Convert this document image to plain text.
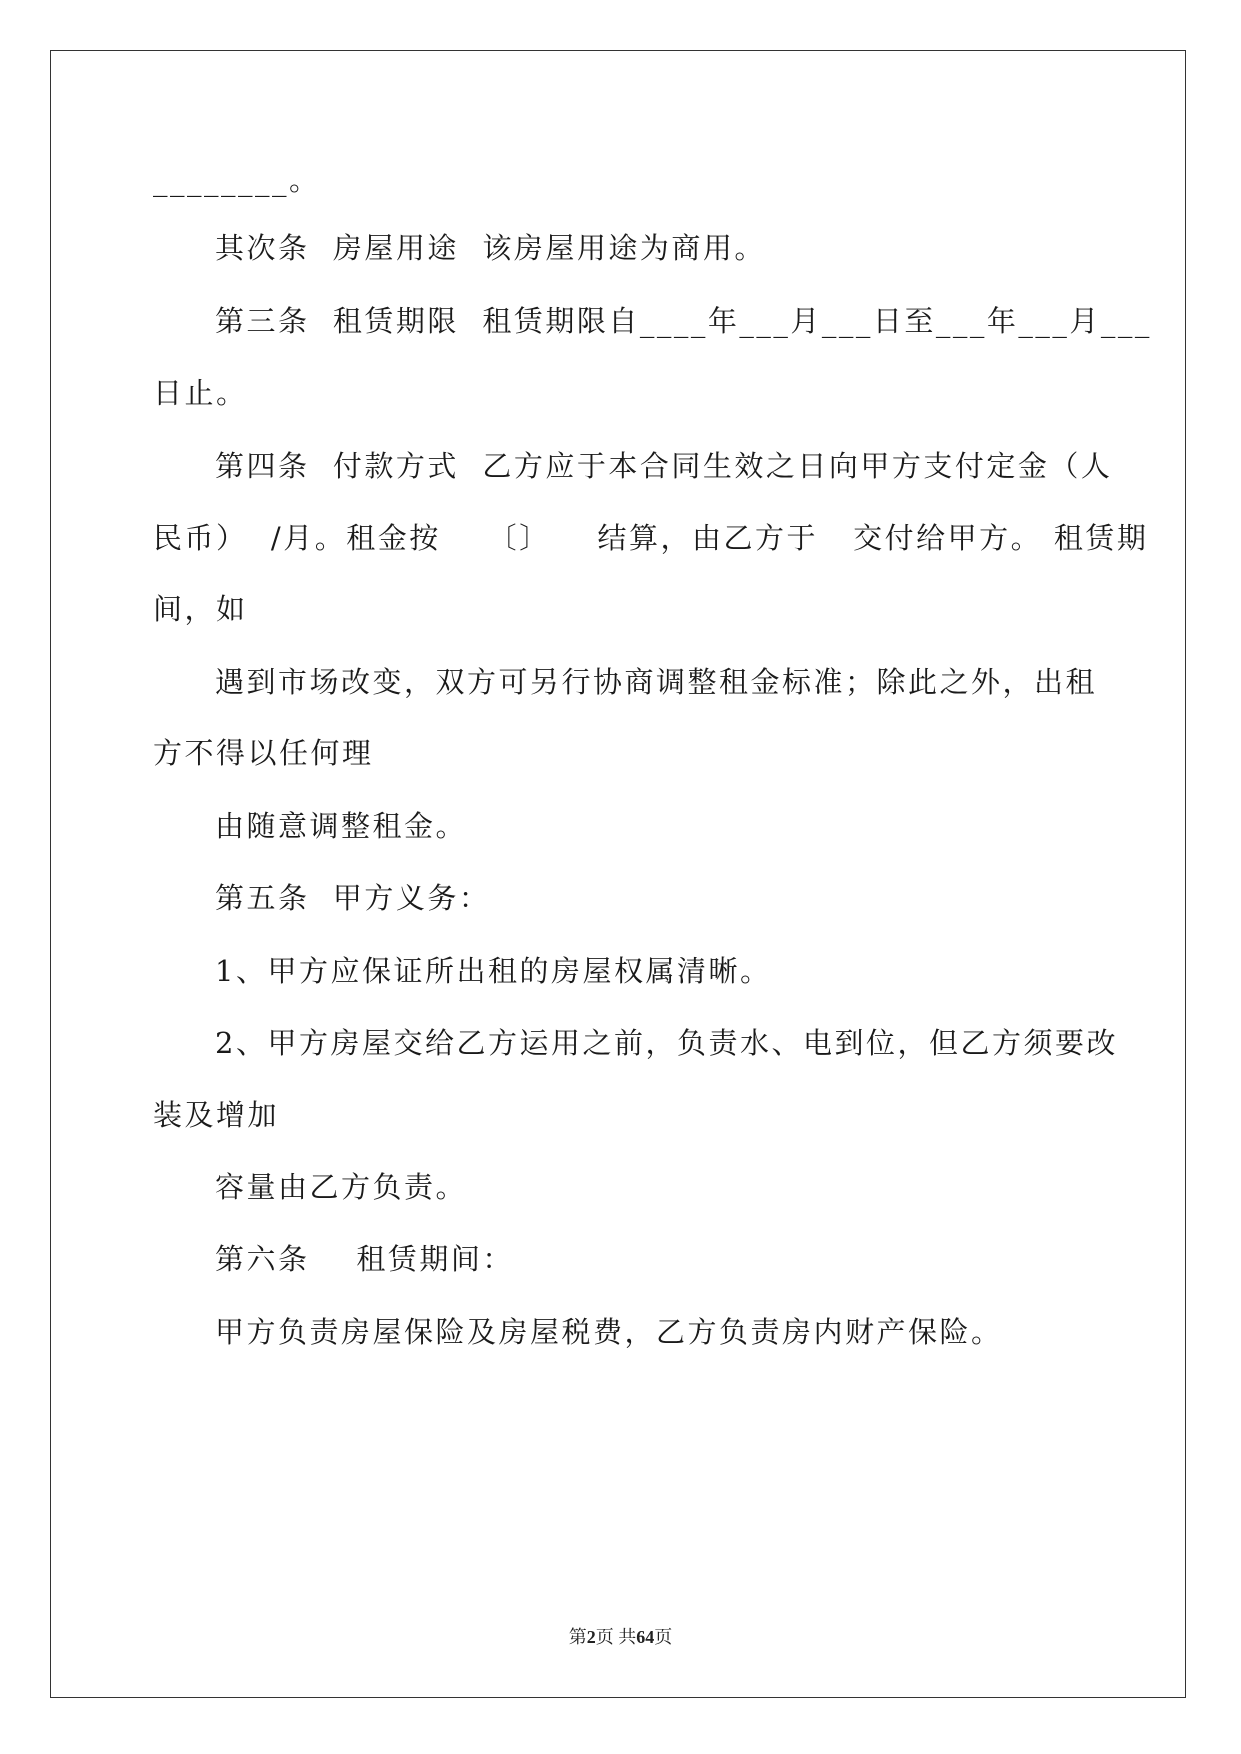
________。
其次条  房屋用途  该房屋用途为商用。
第三条  租赁期限  租赁期限自____年___月___日至___年___月___
日止。
第四条  付款方式  乙方应于本合同生效之日向甲方支付定金（人
民币）  /月。租金按    〔〕    结算，由乙方于   交付给甲方。 租赁期
间，如
遇到市场改变，双方可另行协商调整租金标准；除此之外，出租
方不得以任何理
由随意调整租金。
第五条  甲方义务：
1、甲方应保证所出租的房屋权属清晰。
2、甲方房屋交给乙方运用之前，负责水、电到位，但乙方须要改
装及增加
容量由乙方负责。
第六条    租赁期间：
甲方负责房屋保险及房屋税费，乙方负责房内财产保险。
第2页 共64页
